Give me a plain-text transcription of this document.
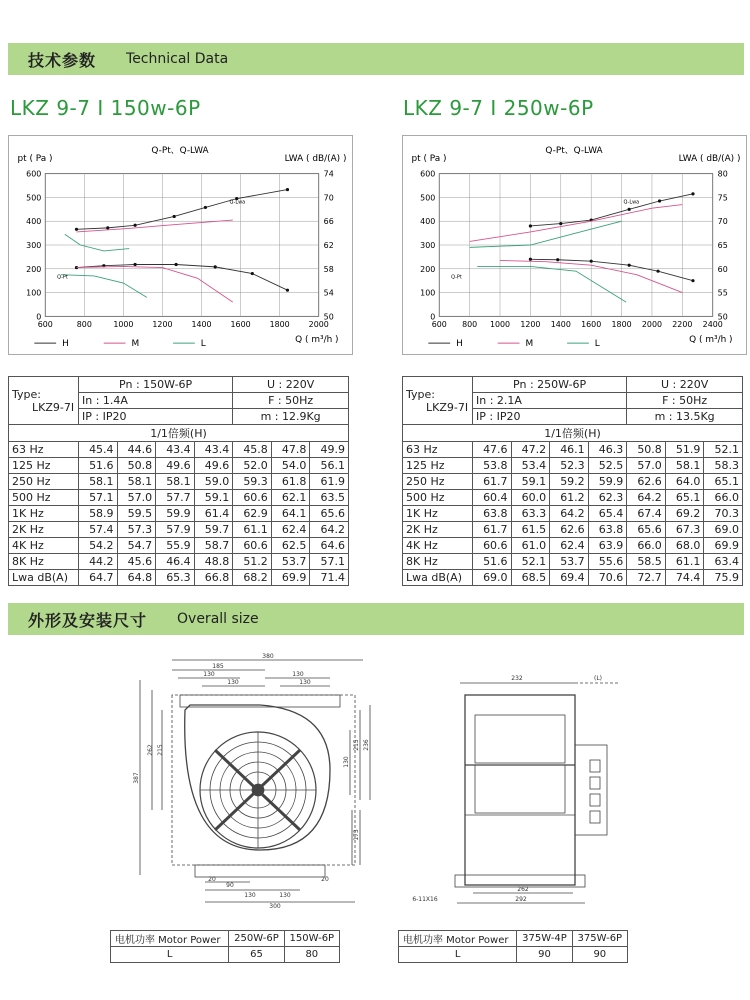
技术参数 Technical Data
LKZ 9-7 I 150w-6P	LKZ 9-7 I 250w-6P
Q-Pt、Q-LWA
pt ( Pa )	LWA ( dB/(A) )
Q ( m³/h )
600	800	1000 1200 1400 1600 1800 2000
0
100
200
300
400
500
600
50
54
58
62
66
70
74
Q-Lwa
Q-Pt
H	M	L
Q-Pt、Q-LWA
pt ( Pa )	LWA ( dB/(A) )
Q ( m³/h )
600 800 1000 1200 1400 1600 1800 2000 2200 2400
0
100
200
300
400
500
600
50
55
60
65
70
75
80
Q-Lwa
Q-Pt
H	M	L
Type:
LKZ9-7I	Pn : 150W-6P				U : 220V		
	In : 1.4A				F : 50Hz		
	IP : IP20				m : 12.9Kg		
1/1倍频(H)							
63 Hz	45.4	44.6	43.4	43.4	45.8	47.8	49.9
125 Hz	51.6	50.8	49.6	49.6	52.0	54.0	56.1
250 Hz	58.1	58.1	58.1	59.0	59.3	61.8	61.9
500 Hz	57.1	57.0	57.7	59.1	60.6	62.1	63.5
1K Hz	58.9	59.5	59.9	61.4	62.9	64.1	65.6
2K Hz	57.4	57.3	57.9	59.7	61.1	62.4	64.2
4K Hz	54.2	54.7	55.9	58.7	60.6	62.5	64.6
8K Hz	44.2	45.6	46.4	48.8	51.2	53.7	57.1
Lwa dB(A)	64.7	64.8	65.3	66.8	68.2	69.9	71.4
Type:
LKZ9-7I	Pn : 250W-6P				U : 220V		
	In : 2.1A				F : 50Hz		
	IP : IP20				m : 13.5Kg		
1/1倍频(H)							
63 Hz	47.6	47.2	46.1	46.3	50.8	51.9	52.1
125 Hz	53.8	53.4	52.3	52.5	57.0	58.1	58.3
250 Hz	61.7	59.1	59.2	59.9	62.6	64.0	65.1
500 Hz	60.4	60.0	61.2	62.3	64.2	65.1	66.0
1K Hz	63.8	63.3	64.2	65.4	67.4	69.2	70.3
2K Hz	61.7	61.5	62.6	63.8	65.6	67.3	69.0
4K Hz	60.6	61.0	62.4	63.9	66.0	68.0	69.9
8K Hz	51.6	52.1	53.7	55.6	58.5	61.1	63.4
Lwa dB(A)	69.0	68.5	69.4	70.6	72.7	74.4	75.9
外形及安装尺寸 Overall size
380
185
130	130
130	130
215
262
387
215 236
130
173
20
90
130	130
20
300
232	(L)
262
292
6-11X16
电机功率 Motor Power	250W-6P	150W-6P
L	65	80
电机功率 Motor Power	375W-4P	375W-6P
L	90	90
